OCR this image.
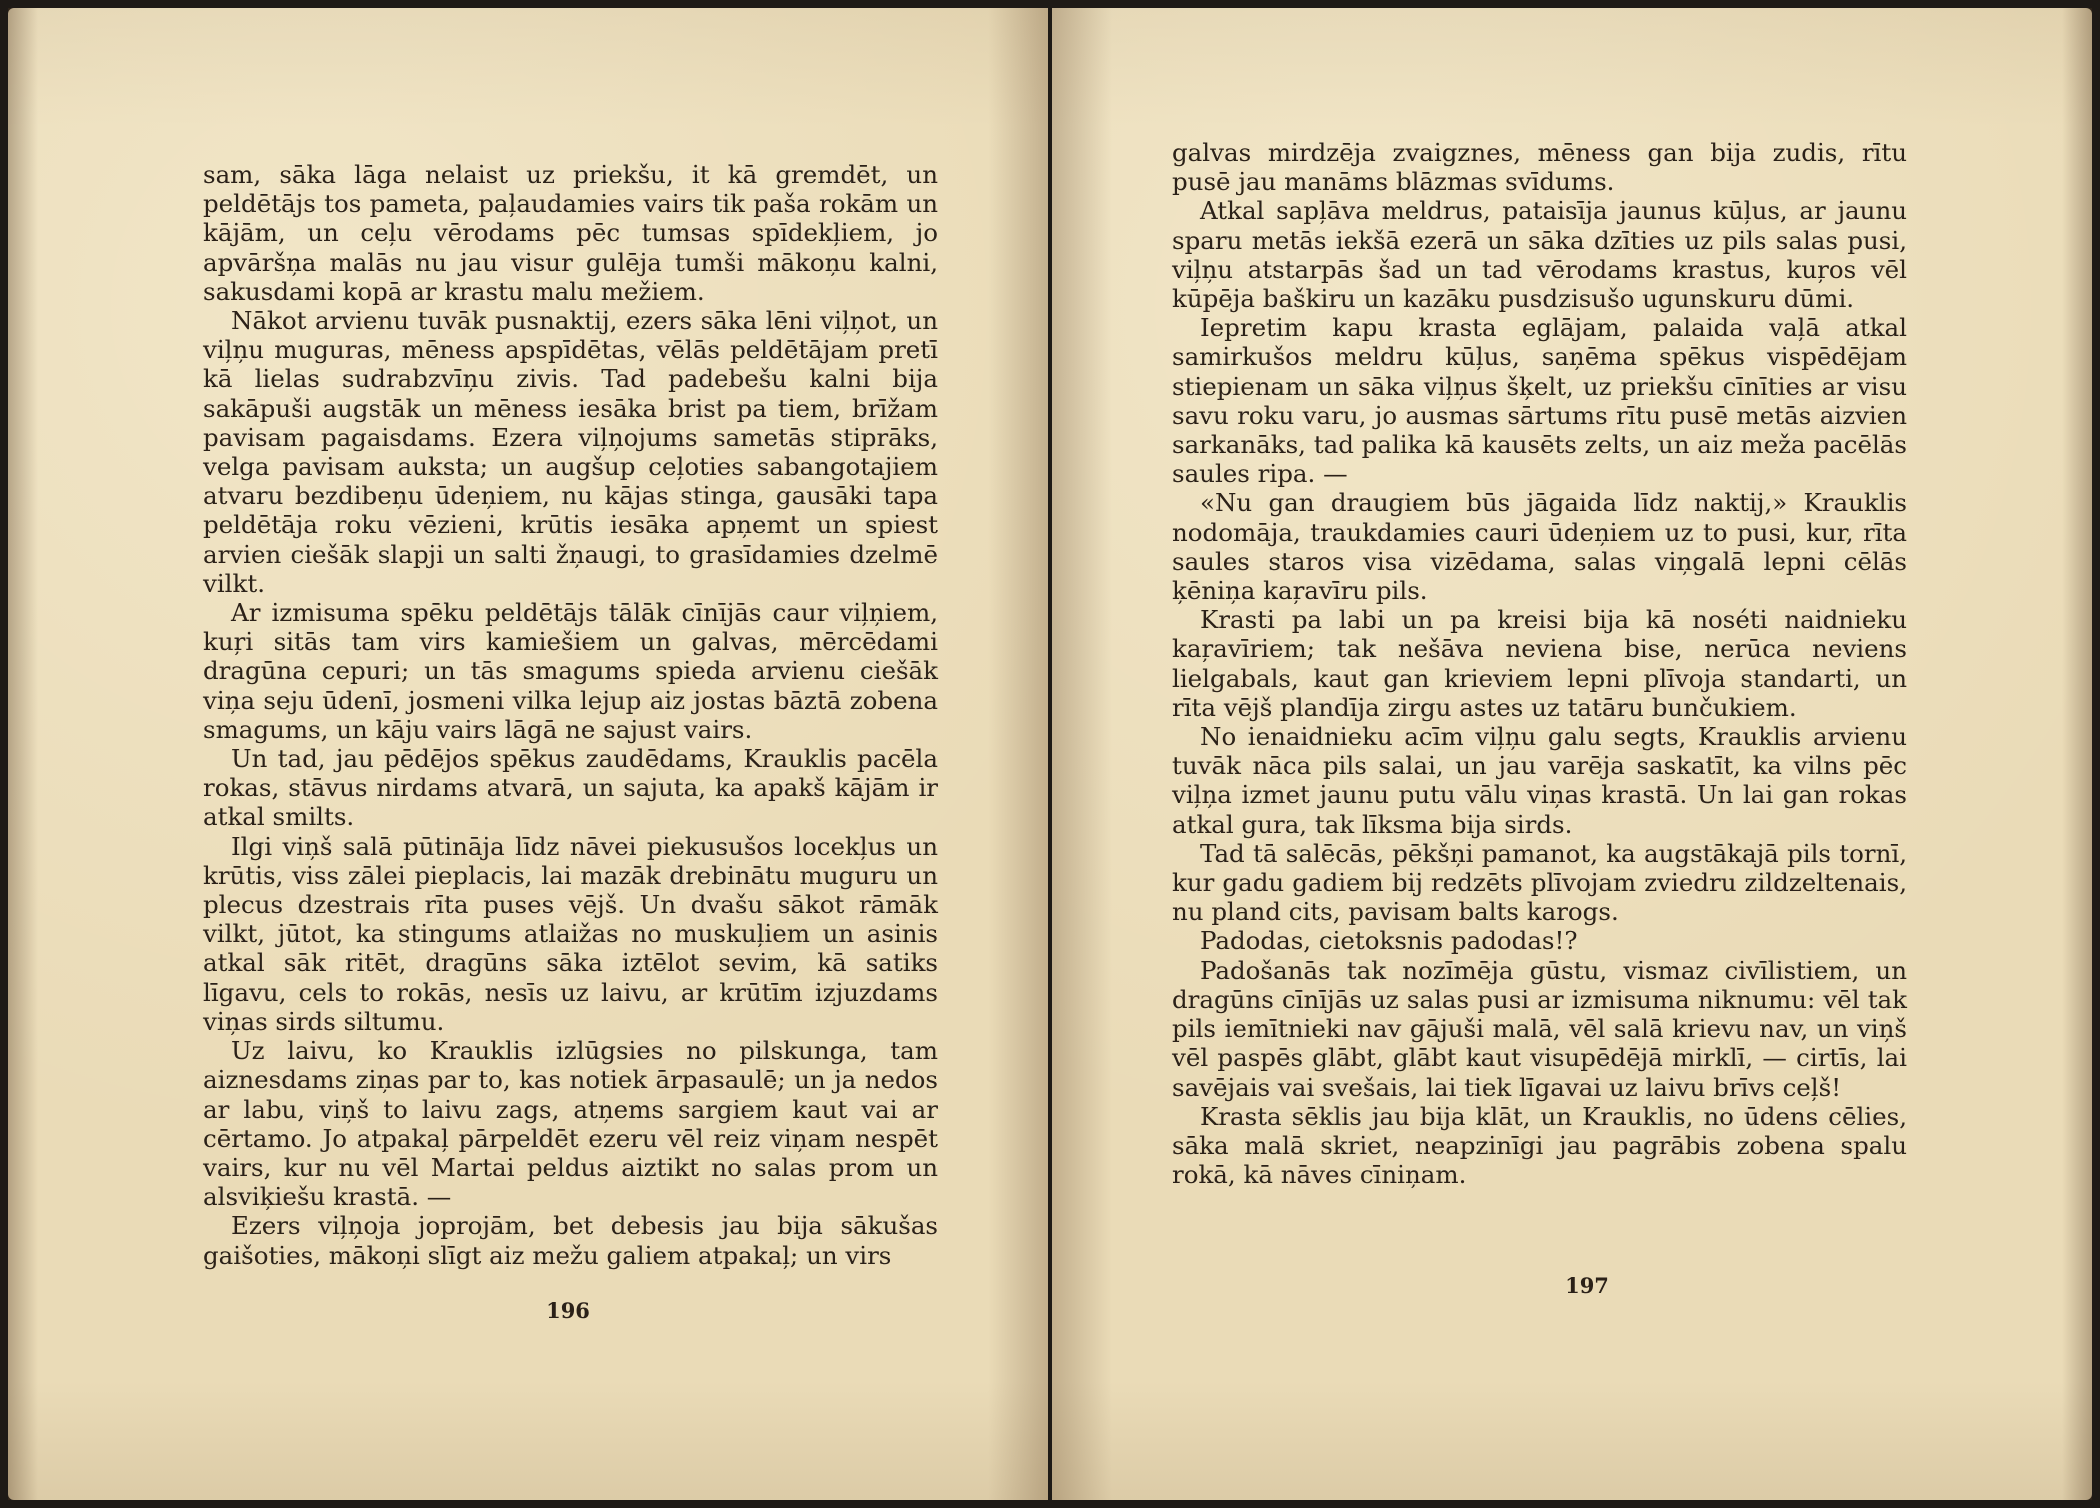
sam, sāka lāga nelaist uz priekšu, it kā gremdēt, un peldētājs tos pameta, paļaudamies vairs tik paša rokām un kājām, un ceļu vērodams pēc tumsas spīdekļiem, jo apvāršņa malās nu jau visur gulēja tumši mākoņu kalni, sakusdami kopā ar krastu malu mežiem.

Nākot arvienu tuvāk pusnaktij, ezers sāka lēni viļņot, un viļņu muguras, mēness apspīdētas, vēlās peldētājam pretī kā lielas sudrabzvīņu zivis. Tad padebešu kalni bija sakāpuši augstāk un mēness iesāka brist pa tiem, brīžam pavisam pagaisdams. Ezera viļņojums sametās stiprāks, velga pavisam auksta; un augšup ceļoties sabangotajiem atvaru bezdibeņu ūdeņiem, nu kājas stinga, gausāki tapa peldētāja roku vēzieni, krūtis iesāka apņemt un spiest arvien ciešāk slapji un salti žņaugi, to grasīdamies dzelmē vilkt.

Ar izmisuma spēku peldētājs tālāk cīnījās caur viļņiem, kuŗi sitās tam virs kamiešiem un galvas, mērcēdami dragūna cepuri; un tās smagums spieda arvienu ciešāk viņa seju ūdenī, josmeni vilka lejup aiz jostas bāztā zobena smagums, un kāju vairs lāgā ne sajust vairs.

Un tad, jau pēdējos spēkus zaudēdams, Krauklis pacēla rokas, stāvus nirdams atvarā, un sajuta, ka apakš kājām ir atkal smilts.

Ilgi viņš salā pūtināja līdz nāvei piekusušos locekļus un krūtis, viss zālei pieplacis, lai mazāk drebinātu muguru un plecus dzestrais rīta puses vējš. Un dvašu sākot rāmāk vilkt, jūtot, ka stingums atlaižas no muskuļiem un asinis atkal sāk ritēt, dragūns sāka iztēlot sevim, kā satiks līgavu, cels to rokās, nesīs uz laivu, ar krūtīm izjuzdams viņas sirds siltumu.

Uz laivu, ko Krauklis izlūgsies no pilskunga, tam aiznesdams ziņas par to, kas notiek ārpasaulē; un ja nedos ar labu, viņš to laivu zags, atņems sargiem kaut vai ar cērtamo. Jo atpakaļ pārpeldēt ezeru vēl reiz viņam nespēt vairs, kur nu vēl Martai peldus aiztikt no salas prom un alsviķiešu krastā. —

Ezers viļņoja joprojām, bet debesis jau bija sākušas gaišoties, mākoņi slīgt aiz mežu galiem atpakaļ; un virs

196

galvas mirdzēja zvaigznes, mēness gan bija zudis, rītu pusē jau manāms blāzmas svīdums.

Atkal sapļāva meldrus, pataisīja jaunus kūļus, ar jaunu sparu metās iekšā ezerā un sāka dzīties uz pils salas pusi, viļņu atstarpās šad un tad vērodams krastus, kuŗos vēl kūpēja baškiru un kazāku pusdzisušo ugunskuru dūmi.

Iepretim kapu krasta eglājam, palaida vaļā atkal samirkušos meldru kūļus, saņēma spēkus vispēdējam stiepienam un sāka viļņus šķelt, uz priekšu cīnīties ar visu savu roku varu, jo ausmas sārtums rītu pusē metās aizvien sarkanāks, tad palika kā kausēts zelts, un aiz meža pacēlās saules ripa. —

«Nu gan draugiem būs jāgaida līdz naktij,» Krauklis nodomāja, traukdamies cauri ūdeņiem uz to pusi, kur, rīta saules staros visa vizēdama, salas viņgalā lepni cēlās ķēniņa kaŗavīru pils.

Krasti pa labi un pa kreisi bija kā noséti naidnieku kaŗavīriem; tak nešāva neviena bise, nerūca neviens lielgabals, kaut gan krieviem lepni plīvoja standarti, un rīta vējš plandīja zirgu astes uz tatāru bunčukiem.

No ienaidnieku acīm viļņu galu segts, Krauklis arvienu tuvāk nāca pils salai, un jau varēja saskatīt, ka vilns pēc viļņa izmet jaunu putu vālu viņas krastā. Un lai gan rokas atkal gura, tak līksma bija sirds.

Tad tā salēcās, pēkšņi pamanot, ka augstākajā pils tornī, kur gadu gadiem bij redzēts plīvojam zviedru zildzeltenais, nu pland cits, pavisam balts karogs.

Padodas, cietoksnis padodas!?

Padošanās tak nozīmēja gūstu, vismaz civīlistiem, un dragūns cīnījās uz salas pusi ar izmisuma niknumu: vēl tak pils iemītnieki nav gājuši malā, vēl salā krievu nav, un viņš vēl paspēs glābt, glābt kaut visupēdējā mirklī, — cirtīs, lai savējais vai svešais, lai tiek līgavai uz laivu brīvs ceļš!

Krasta sēklis jau bija klāt, un Krauklis, no ūdens cēlies, sāka malā skriet, neapzinīgi jau pagrābis zobena spalu rokā, kā nāves cīniņam.

197
